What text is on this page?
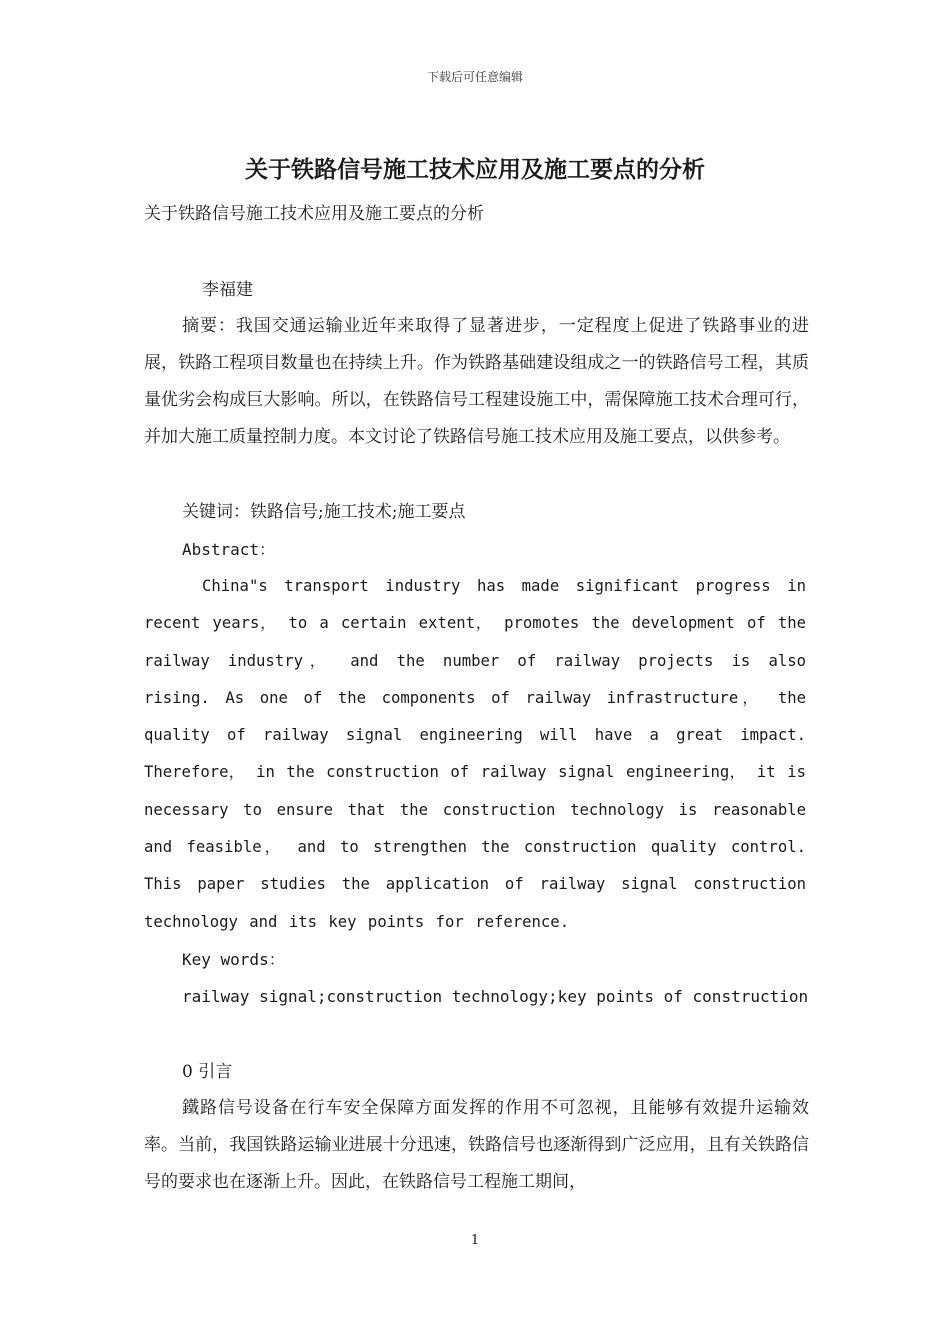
下载后可任意编辑
关于铁路信号施工技术应用及施工要点的分析

关于铁路信号施工技术应用及施工要点的分析

李福建

摘要：我国交通运输业近年来取得了显著进步，一定程度上促进了铁路事业的进展，铁路工程项目数量也在持续上升。作为铁路基础建设组成之一的铁路信号工程，其质量优劣会构成巨大影响。所以，在铁路信号工程建设施工中，需保障施工技术合理可行，并加大施工质量控制力度。本文讨论了铁路信号施工技术应用及施工要点，以供参考。

关键词：铁路信号;施工技术;施工要点

Abstract：

China"s transport industry has made significant progress in recent years， to a certain extent， promotes the development of the railway industry， and the number of railway projects is also rising. As one of the components of railway infrastructure， the quality of railway signal engineering will have a great impact. Therefore， in the construction of railway signal engineering， it is necessary to ensure that the construction technology is reasonable and feasible， and to strengthen the construction quality control. This paper studies the application of railway signal construction technology and its key points for reference.

Key words：

railway signal;construction technology;key points of construction

0 引言

鐵路信号设备在行车安全保障方面发挥的作用不可忽视，且能够有效提升运输效率。当前，我国铁路运输业进展十分迅速，铁路信号也逐渐得到广泛应用，且有关铁路信号的要求也在逐渐上升。因此，在铁路信号工程施工期间，

1
